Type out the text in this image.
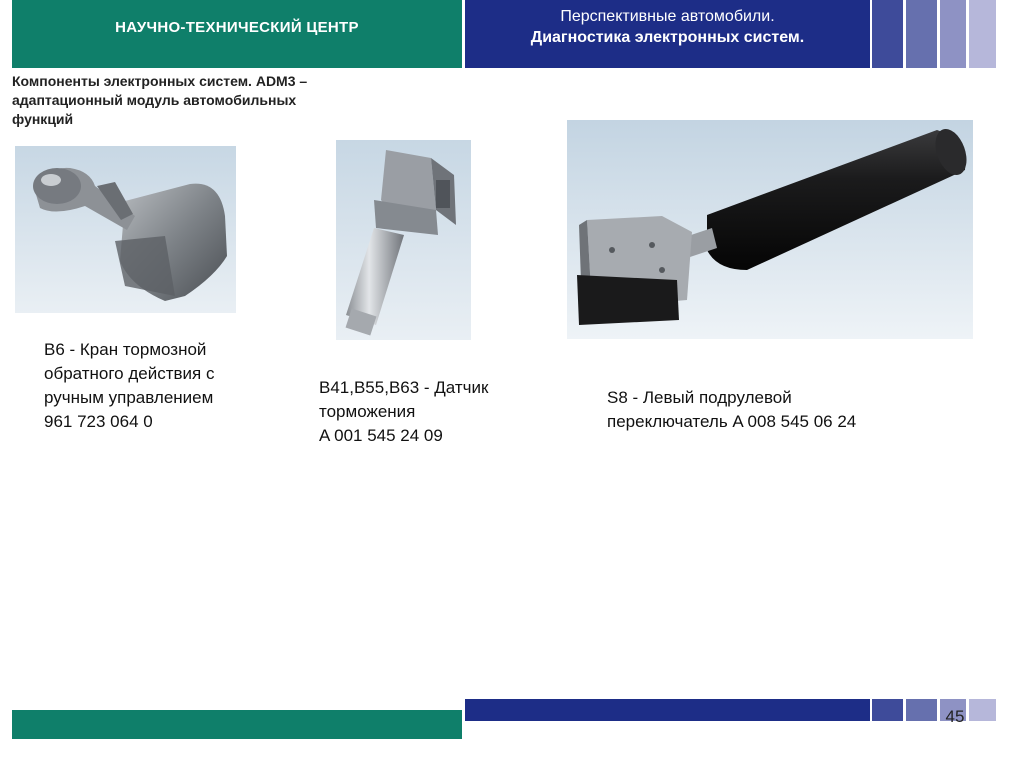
НАУЧНО-ТЕХНИЧЕСКИЙ ЦЕНТР
Перспективные автомобили.
Диагностика электронных систем.
Компоненты электронных систем. ADM3 –
адаптационный модуль автомобильных
функций
B6 - Кран тормозной
обратного действия с
ручным управлением
961 723 064 0
B41,B55,B63 - Датчик
торможения
A 001 545 24 09
S8 - Левый подрулевой
переключатель A 008 545 06 24
45
